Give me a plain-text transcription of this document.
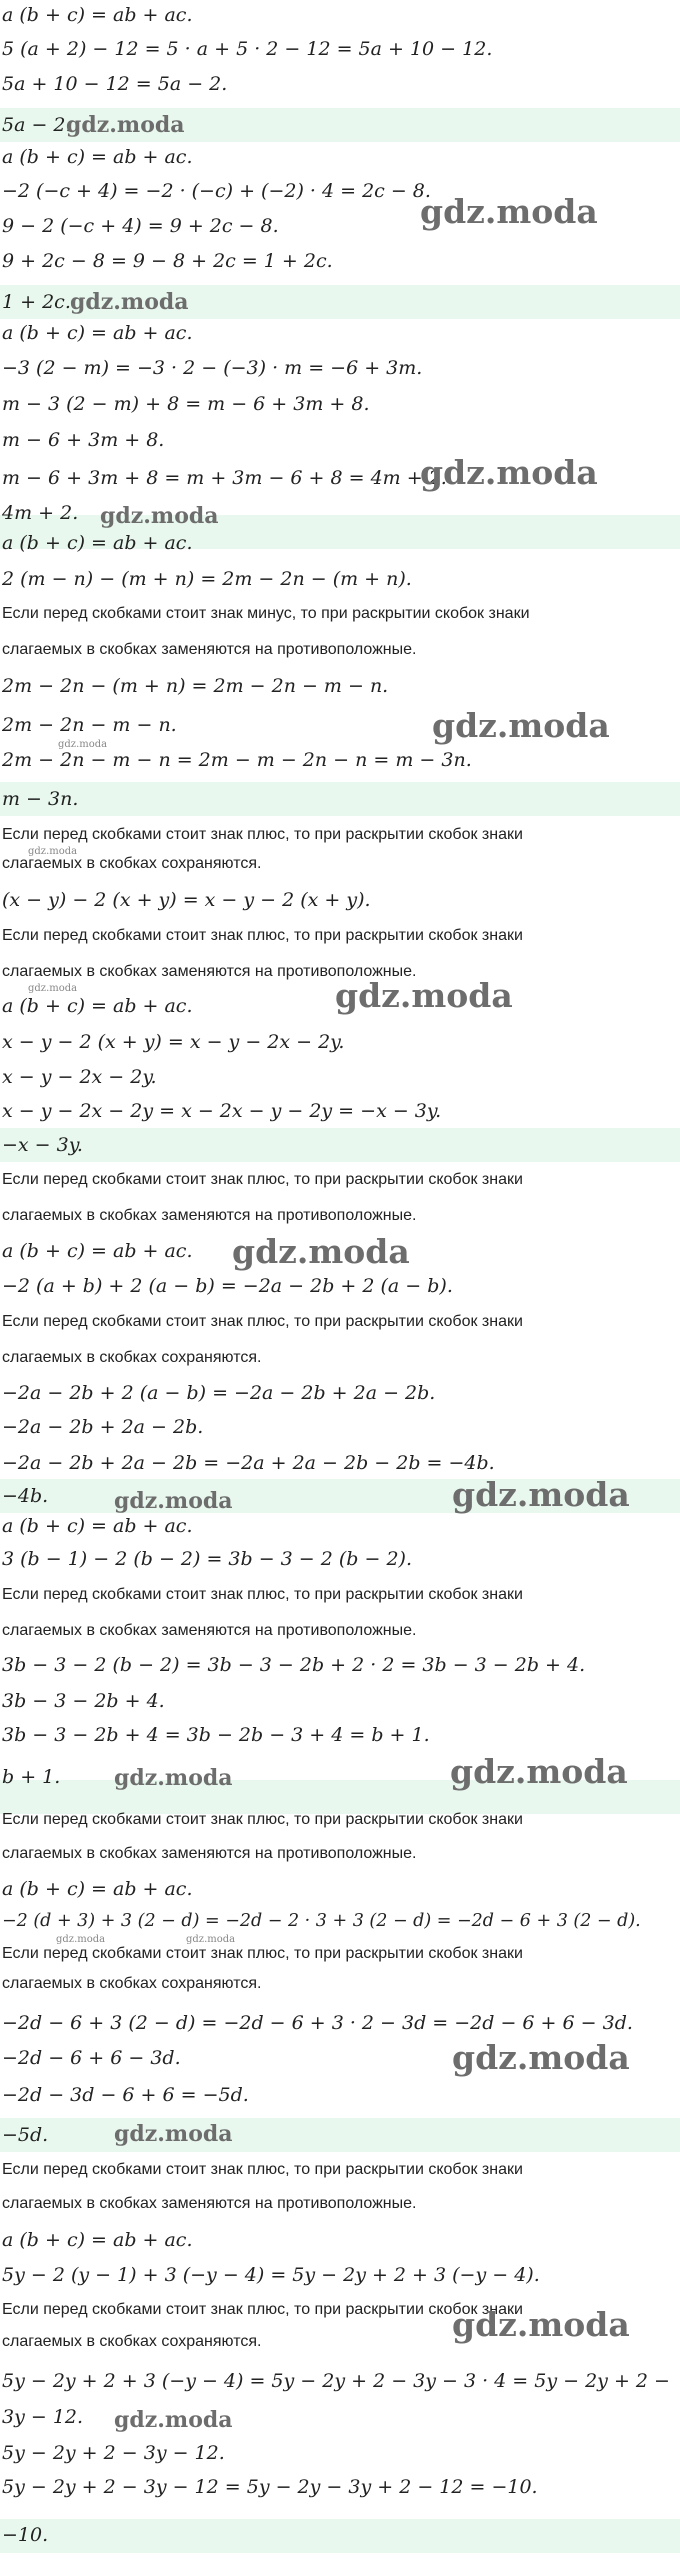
a (b + c) = ab + ac.
5 (a + 2) − 12 = 5 · a + 5 · 2 − 12 = 5a + 10 − 12.
5a + 10 − 12 = 5a − 2.
5a − 2.
a (b + c) = ab + ac.
−2 (−c + 4) = −2 · (−c) + (−2) · 4 = 2c − 8.
9 − 2 (−c + 4) = 9 + 2c − 8.
9 + 2c − 8 = 9 − 8 + 2c = 1 + 2c.
1 + 2c.
a (b + c) = ab + ac.
−3 (2 − m) = −3 · 2 − (−3) · m = −6 + 3m.
m − 3 (2 − m) + 8 = m − 6 + 3m + 8.
m − 6 + 3m + 8.
m − 6 + 3m + 8 = m + 3m − 6 + 8 = 4m + 2.
4m + 2.
a (b + c) = ab + ac.
2 (m − n) − (m + n) = 2m − 2n − (m + n).
Если перед скобками стоит знак минус, то при раскрытии скобок знаки
слагаемых в скобках заменяются на противоположные.
2m − 2n − (m + n) = 2m − 2n − m − n.
2m − 2n − m − n.
2m − 2n − m − n = 2m − m − 2n − n = m − 3n.
m − 3n.
Если перед скобками стоит знак плюс, то при раскрытии скобок знаки
слагаемых в скобках сохраняются.
(x − y) − 2 (x + y) = x − y − 2 (x + y).
Если перед скобками стоит знак плюс, то при раскрытии скобок знаки
слагаемых в скобках заменяются на противоположные.
a (b + c) = ab + ac.
x − y − 2 (x + y) = x − y − 2x − 2y.
x − y − 2x − 2y.
x − y − 2x − 2y = x − 2x − y − 2y = −x − 3y.
−x − 3y.
Если перед скобками стоит знак плюс, то при раскрытии скобок знаки
слагаемых в скобках заменяются на противоположные.
a (b + c) = ab + ac.
−2 (a + b) + 2 (a − b) = −2a − 2b + 2 (a − b).
Если перед скобками стоит знак плюс, то при раскрытии скобок знаки
слагаемых в скобках сохраняются.
−2a − 2b + 2 (a − b) = −2a − 2b + 2a − 2b.
−2a − 2b + 2a − 2b.
−2a − 2b + 2a − 2b = −2a + 2a − 2b − 2b = −4b.
−4b.
a (b + c) = ab + ac.
3 (b − 1) − 2 (b − 2) = 3b − 3 − 2 (b − 2).
Если перед скобками стоит знак плюс, то при раскрытии скобок знаки
слагаемых в скобках заменяются на противоположные.
3b − 3 − 2 (b − 2) = 3b − 3 − 2b + 2 · 2 = 3b − 3 − 2b + 4.
3b − 3 − 2b + 4.
3b − 3 − 2b + 4 = 3b − 2b − 3 + 4 = b + 1.
b + 1.
Если перед скобками стоит знак плюс, то при раскрытии скобок знаки
слагаемых в скобках заменяются на противоположные.
a (b + c) = ab + ac.
−2 (d + 3) + 3 (2 − d) = −2d − 2 · 3 + 3 (2 − d) = −2d − 6 + 3 (2 − d).
Если перед скобками стоит знак плюс, то при раскрытии скобок знаки
слагаемых в скобках сохраняются.
−2d − 6 + 3 (2 − d) = −2d − 6 + 3 · 2 − 3d = −2d − 6 + 6 − 3d.
−2d − 6 + 6 − 3d.
−2d − 3d − 6 + 6 = −5d.
−5d.
Если перед скобками стоит знак плюс, то при раскрытии скобок знаки
слагаемых в скобках заменяются на противоположные.
a (b + c) = ab + ac.
5y − 2 (y − 1) + 3 (−y − 4) = 5y − 2y + 2 + 3 (−y − 4).
Если перед скобками стоит знак плюс, то при раскрытии скобок знаки
слагаемых в скобках сохраняются.
5y − 2y + 2 + 3 (−y − 4) = 5y − 2y + 2 − 3y − 3 · 4 = 5y − 2y + 2 −
3y − 12.
5y − 2y + 2 − 3y − 12.
5y − 2y + 2 − 3y − 12 = 5y − 2y − 3y + 2 − 12 = −10.
−10.
gdz.moda
gdz.moda
gdz.moda
gdz.moda
gdz.moda
gdz.moda	gdz.moda
gdz.moda
gdz.moda	gdz.moda
gdz.moda
gdz.moda	gdz.moda
gdz.moda	gdz.moda
gdz.moda	gdz.moda
gdz.moda
gdz.moda
gdz.moda
gdz.moda
